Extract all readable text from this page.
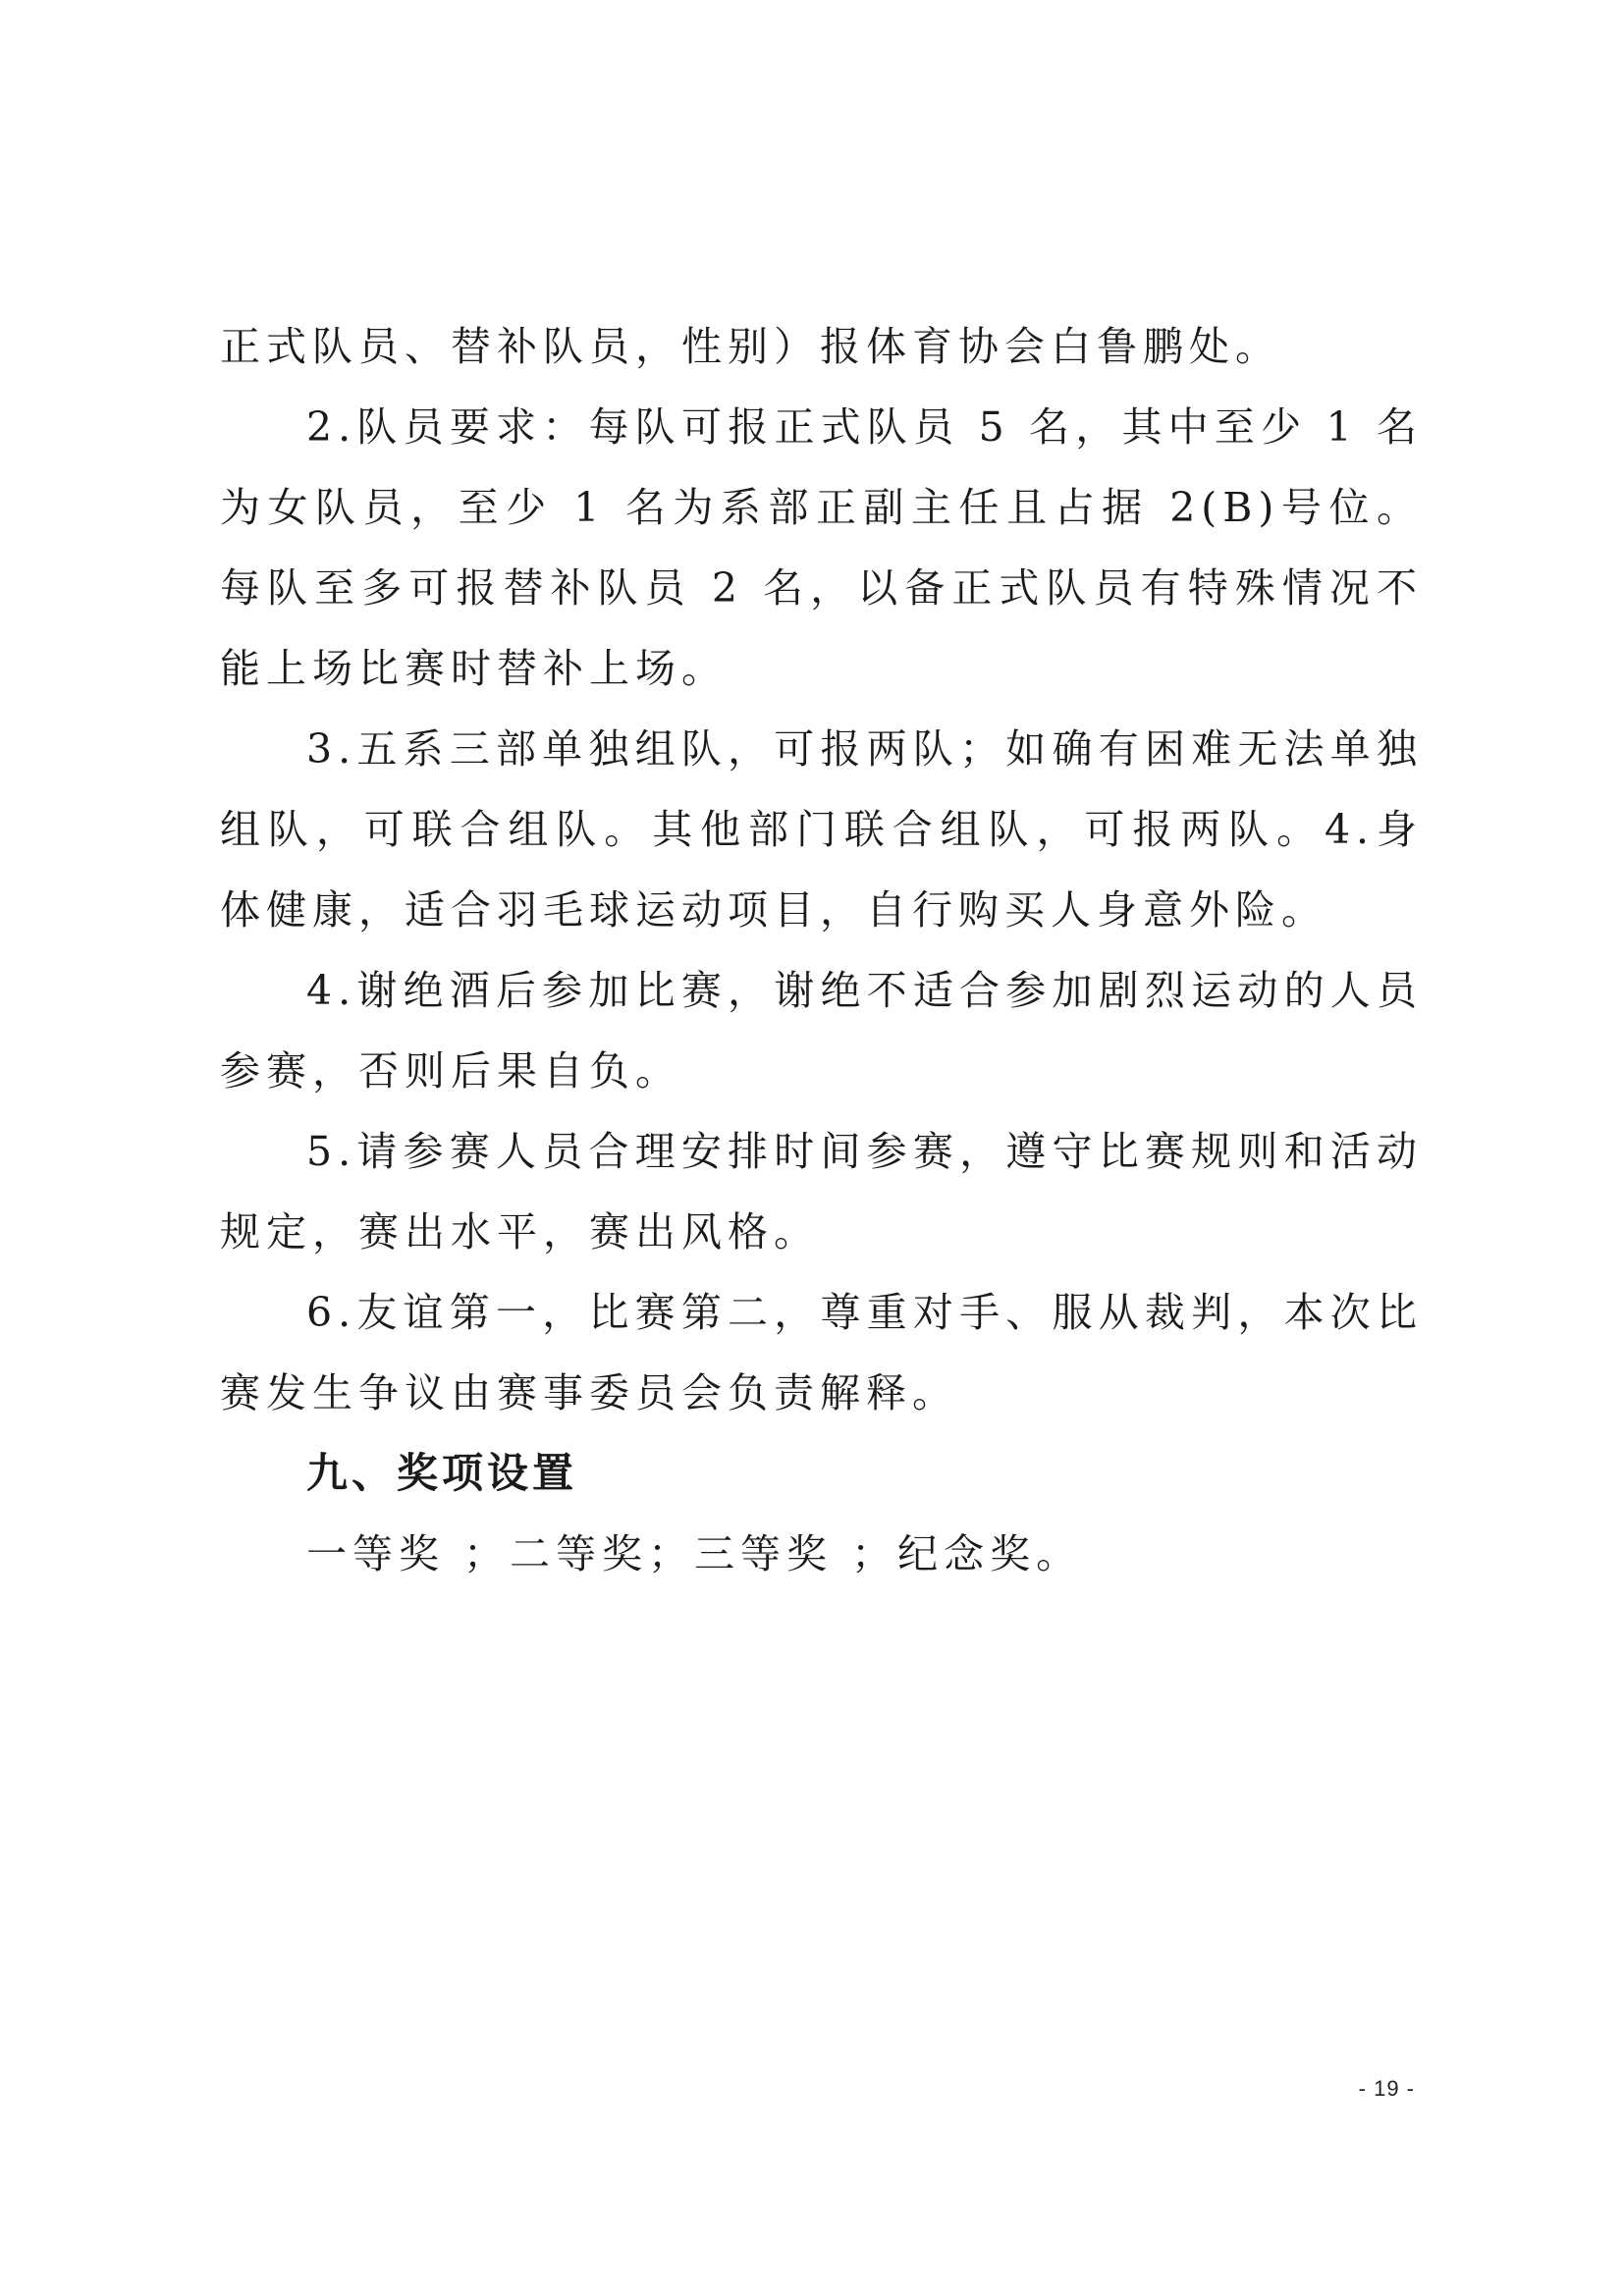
正式队员、替补队员，性别）报体育协会白鲁鹏处。

2.队员要求：每队可报正式队员 5 名，其中至少 1 名为女队员，至少 1 名为系部正副主任且占据 2(B)号位。每队至多可报替补队员 2 名，以备正式队员有特殊情况不能上场比赛时替补上场。

3.五系三部单独组队，可报两队；如确有困难无法单独组队，可联合组队。其他部门联合组队，可报两队。4.身体健康，适合羽毛球运动项目，自行购买人身意外险。

4.谢绝酒后参加比赛，谢绝不适合参加剧烈运动的人员参赛，否则后果自负。

5.请参赛人员合理安排时间参赛，遵守比赛规则和活动规定，赛出水平，赛出风格。

6.友谊第一，比赛第二，尊重对手、服从裁判，本次比赛发生争议由赛事委员会负责解释。

九、奖项设置

一等奖 ；二等奖；三等奖 ；纪念奖。

- 19 -
